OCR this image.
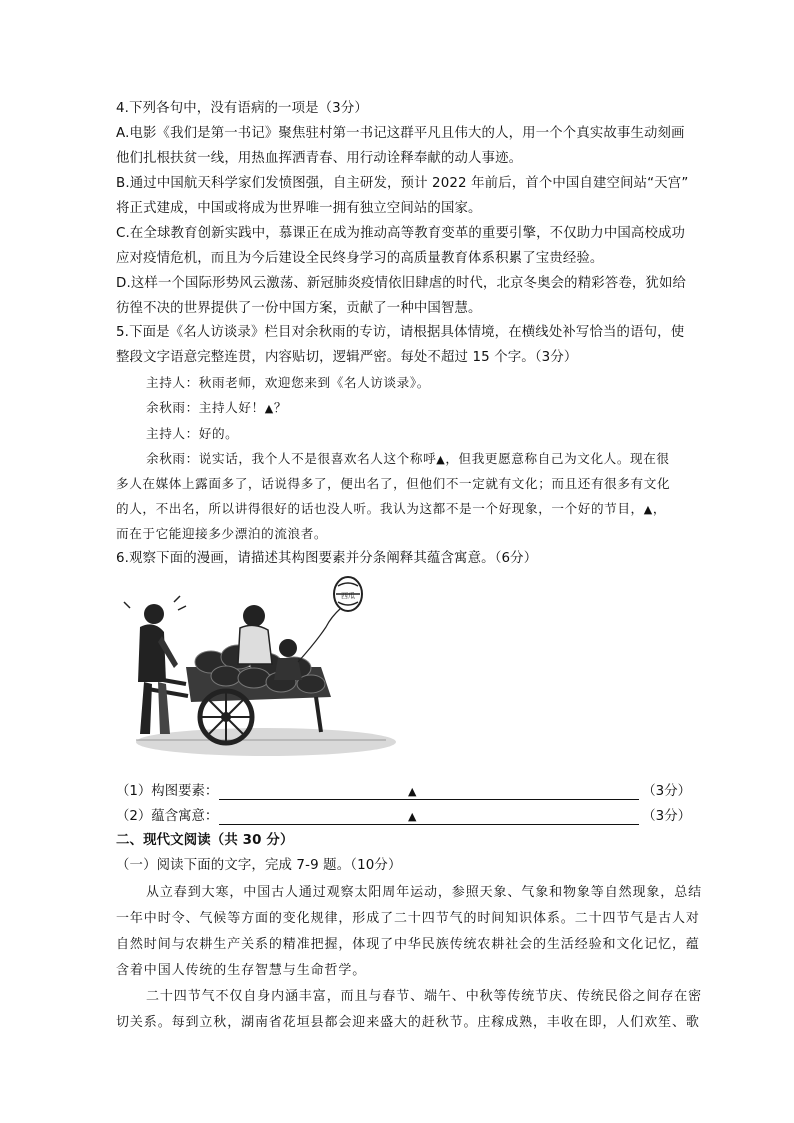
4.下列各句中，没有语病的一项是（3分）
A.电影《我们是第一书记》聚焦驻村第一书记这群平凡且伟大的人，用一个个真实故事生动刻画
他们扎根扶贫一线，用热血挥洒青春、用行动诠释奉献的动人事迹。
B.通过中国航天科学家们发愤图强，自主研发，预计 2022 年前后，首个中国自建空间站“天宫”
将正式建成，中国或将成为世界唯一拥有独立空间站的国家。
C.在全球教育创新实践中，慕课正在成为推动高等教育变革的重要引擎，不仅助力中国高校成功
应对疫情危机，而且为今后建设全民终身学习的高质量教育体系积累了宝贵经验。
D.这样一个国际形势风云激荡、新冠肺炎疫情依旧肆虐的时代，北京冬奥会的精彩答卷，犹如给
彷徨不决的世界提供了一份中国方案，贡献了一种中国智慧。
5.下面是《名人访谈录》栏目对余秋雨的专访，请根据具体情境，在横线处补写恰当的语句，使
整段文字语意完整连贯，内容贴切，逻辑严密。每处不超过 15 个字。（3分）
主持人：秋雨老师，欢迎您来到《名人访谈录》。
余秋雨：主持人好！▲？
主持人：好的。
余秋雨：说实话，我个人不是很喜欢名人这个称呼▲，但我更愿意称自己为文化人。现在很
多人在媒体上露面多了，话说得多了，便出名了，但他们不一定就有文化；而且还有很多有文化
的人，不出名，所以讲得很好的话也没人听。我认为这都不是一个好现象，一个好的节目，▲，
而在于它能迎接多少漂泊的流浪者。
6.观察下面的漫画，请描述其构图要素并分条阐释其蕴含寓意。（6分）
西瓜
（1）构图要素：	▲	（3分）
（2）蕴含寓意：	▲	（3分）
二、现代文阅读（共 30 分）
（一）阅读下面的文字，完成 7-9 题。（10分）
从立春到大寒，中国古人通过观察太阳周年运动，参照天象、气象和物象等自然现象，总结
一年中时令、气候等方面的变化规律，形成了二十四节气的时间知识体系。二十四节气是古人对
自然时间与农耕生产关系的精准把握，体现了中华民族传统农耕社会的生活经验和文化记忆，蕴
含着中国人传统的生存智慧与生命哲学。
二十四节气不仅自身内涵丰富，而且与春节、端午、中秋等传统节庆、传统民俗之间存在密
切关系。每到立秋，湖南省花垣县都会迎来盛大的赶秋节。庄稼成熟，丰收在即，人们欢笙、歌
